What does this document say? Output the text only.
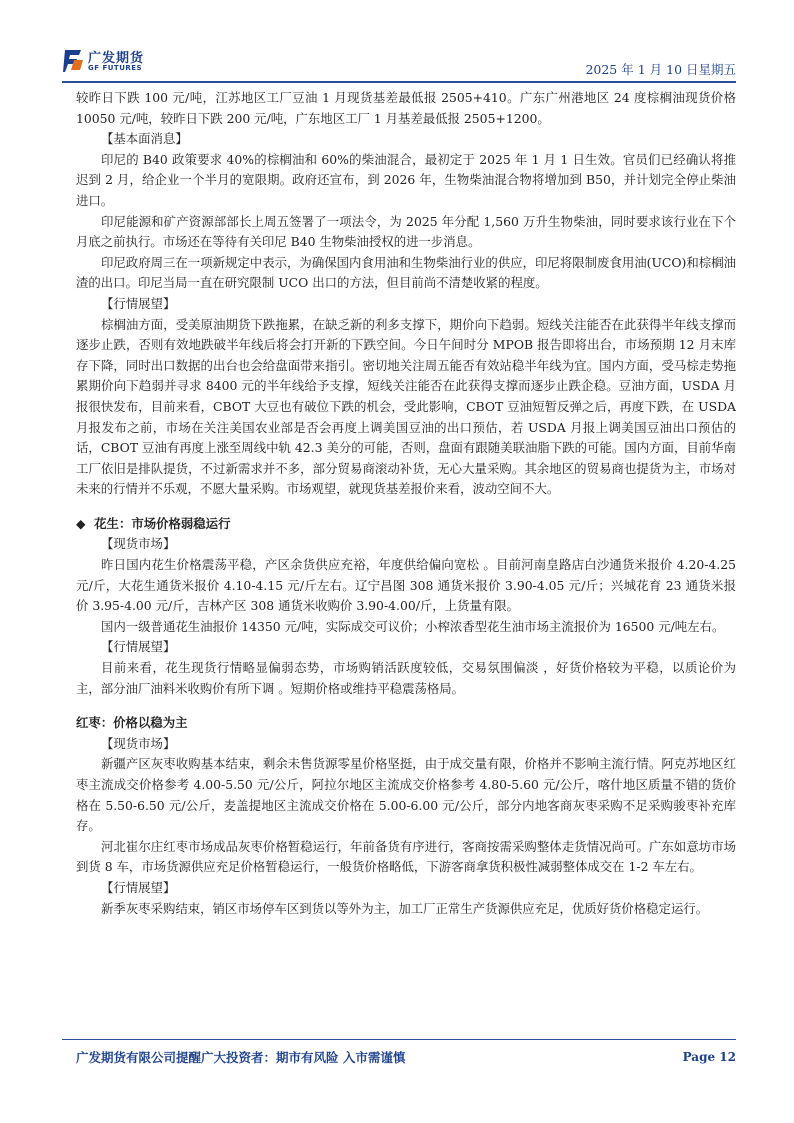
广发期货
GF FUTURES	2025 年 1 月 10 日星期五

较昨日下跌 100 元/吨，江苏地区工厂豆油 1 月现货基差最低报 2505+410。广东广州港地区 24 度棕榈油现货价格 10050 元/吨，较昨日下跌 200 元/吨，广东地区工厂 1 月基差最低报 2505+1200。

【基本面消息】

印尼的 B40 政策要求 40%的棕榈油和 60%的柴油混合，最初定于 2025 年 1 月 1 日生效。官员们已经确认将推迟到 2 月，给企业一个半月的宽限期。政府还宣布，到 2026 年，生物柴油混合物将增加到 B50，并计划完全停止柴油进口。

印尼能源和矿产资源部部长上周五签署了一项法令，为 2025 年分配 1,560 万升生物柴油，同时要求该行业在下个月底之前执行。市场还在等待有关印尼 B40 生物柴油授权的进一步消息。

印尼政府周三在一项新规定中表示，为确保国内食用油和生物柴油行业的供应，印尼将限制废食用油(UCO)和棕榈油渣的出口。印尼当局一直在研究限制 UCO 出口的方法，但目前尚不清楚收紧的程度。

【行情展望】

棕榈油方面，受美原油期货下跌拖累，在缺乏新的利多支撑下，期价向下趋弱。短线关注能否在此获得半年线支撑而逐步止跌，否则有效地跌破半年线后将会打开新的下跌空间。今日午间时分 MPOB 报告即将出台，市场预期 12 月末库存下降，同时出口数据的出台也会给盘面带来指引。密切地关注周五能否有效站稳半年线为宜。国内方面，受马棕走势拖累期价向下趋弱并寻求 8400 元的半年线给予支撑，短线关注能否在此获得支撑而逐步止跌企稳。豆油方面，USDA 月报很快发布，目前来看，CBOT 大豆也有破位下跌的机会，受此影响，CBOT 豆油短暂反弹之后，再度下跌，在 USDA 月报发布之前，市场在关注美国农业部是否会再度上调美国豆油的出口预估，若 USDA 月报上调美国豆油出口预估的话，CBOT 豆油有再度上涨至周线中轨 42.3 美分的可能，否则，盘面有跟随美联油脂下跌的可能。国内方面，目前华南工厂依旧是排队提货，不过新需求并不多，部分贸易商滚动补货，无心大量采购。其余地区的贸易商也提货为主，市场对未来的行情并不乐观，不愿大量采购。市场观望，就现货基差报价来看，波动空间不大。

◆ 花生：市场价格弱稳运行

【现货市场】

昨日国内花生价格震荡平稳，产区余货供应充裕，年度供给偏向宽松 。目前河南皇路店白沙通货米报价 4.20-4.25 元/斤，大花生通货米报价 4.10-4.15 元/斤左右。辽宁昌图 308 通货米报价 3.90-4.05 元/斤；兴城花育 23 通货米报价 3.95-4.00 元/斤，吉林产区 308 通货米收购价 3.90-4.00/斤，上货量有限。

国内一级普通花生油报价 14350 元/吨，实际成交可议价；小榨浓香型花生油市场主流报价为 16500 元/吨左右。

【行情展望】

目前来看，花生现货行情略显偏弱态势，市场购销活跃度较低，交易氛围偏淡 ，好货价格较为平稳，以质论价为主，部分油厂油料米收购价有所下调 。短期价格或维持平稳震荡格局。

红枣：价格以稳为主

【现货市场】

新疆产区灰枣收购基本结束，剩余未售货源零星价格坚挺，由于成交量有限，价格并不影响主流行情。阿克苏地区红枣主流成交价格参考 4.00-5.50 元/公斤，阿拉尔地区主流成交价格参考 4.80-5.60 元/公斤，喀什地区质量不错的货价格在 5.50-6.50 元/公斤，麦盖提地区主流成交价格在 5.00-6.00 元/公斤，部分内地客商灰枣采购不足采购骏枣补充库存。

河北崔尔庄红枣市场成品灰枣价格暂稳运行，年前备货有序进行，客商按需采购整体走货情况尚可。广东如意坊市场到货 8 车，市场货源供应充足价格暂稳运行，一般货价格略低，下游客商拿货积极性减弱整体成交在 1-2 车左右。

【行情展望】

新季灰枣采购结束，销区市场停车区到货以等外为主，加工厂正常生产货源供应充足，优质好货价格稳定运行。

广发期货有限公司提醒广大投资者：期市有风险 入市需谨慎	Page 12
